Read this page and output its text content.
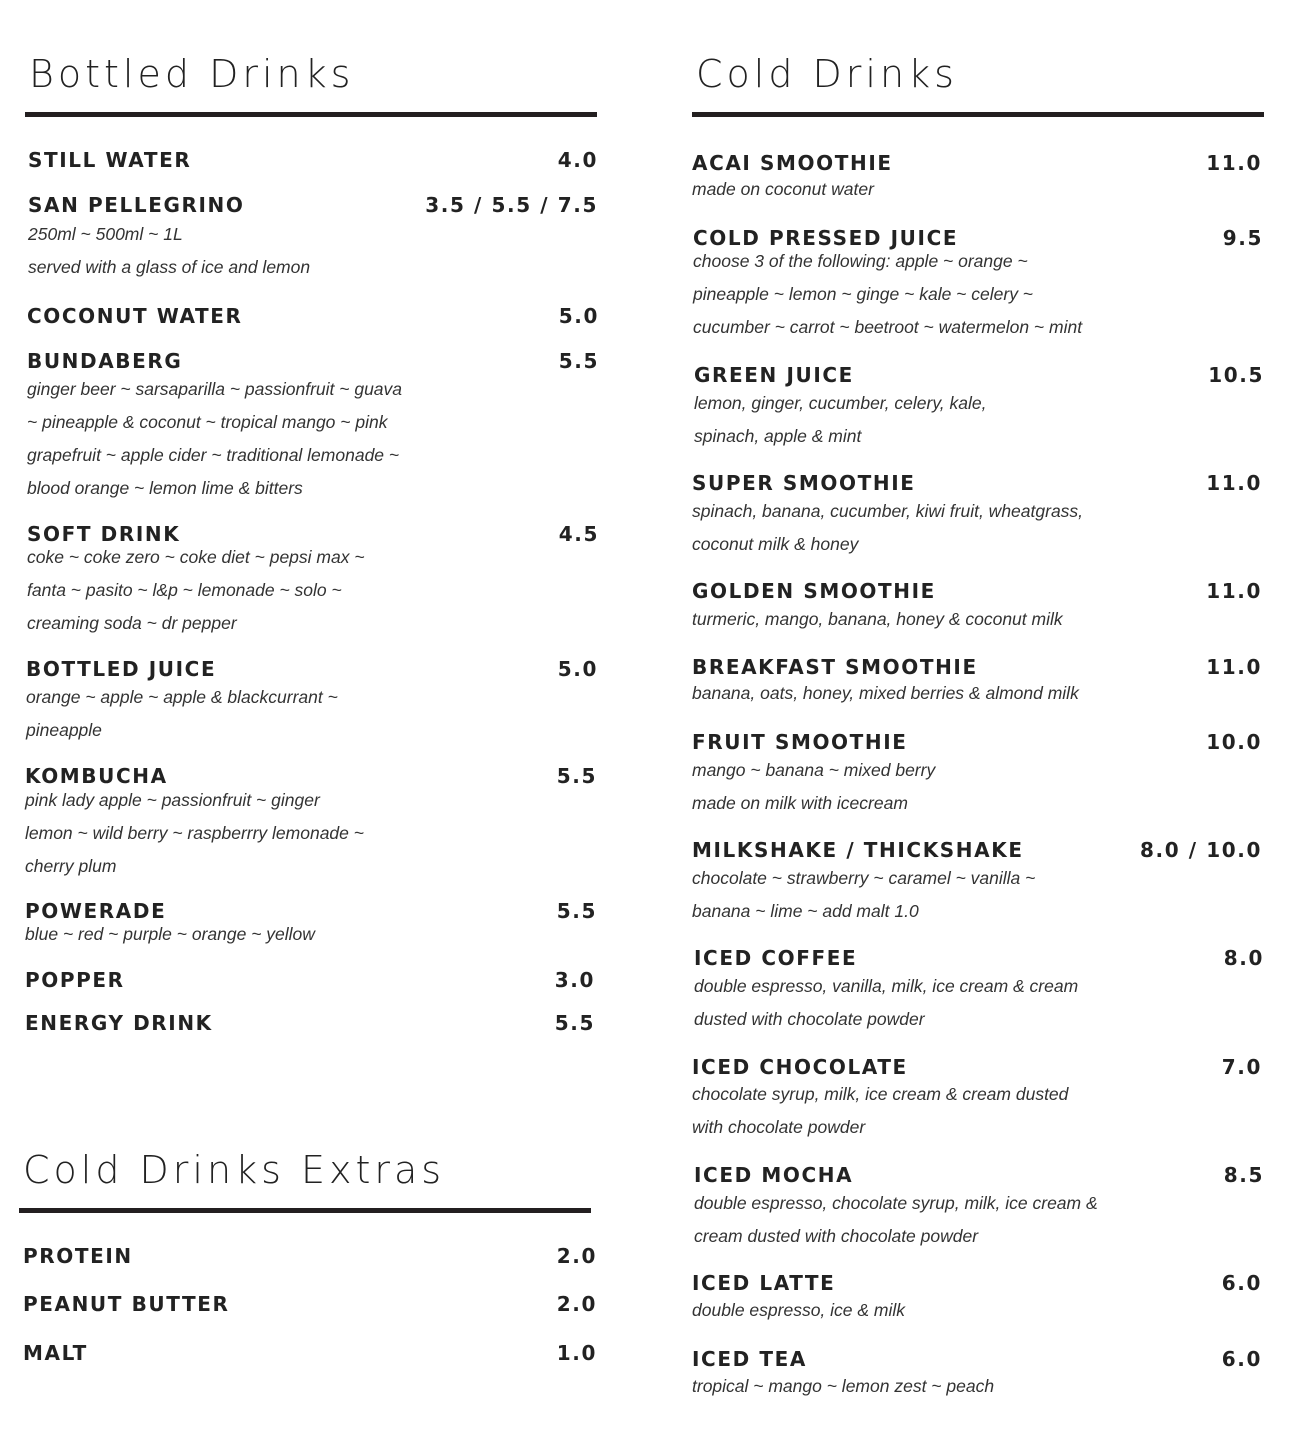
Bottled Drinks
STILL WATER	4.0
SAN PELLEGRINO	3.5 / 5.5 / 7.5
250ml ~ 500ml ~ 1L
served with a glass of ice and lemon
COCONUT WATER	5.0
BUNDABERG	5.5
ginger beer ~ sarsaparilla ~ passionfruit ~ guava
~ pineapple & coconut ~ tropical mango ~ pink
grapefruit ~ apple cider ~ traditional lemonade ~
blood orange ~ lemon lime & bitters
SOFT DRINK	4.5
coke ~ coke zero ~ coke diet ~ pepsi max ~
fanta ~ pasito ~ l&p ~ lemonade ~ solo ~
creaming soda ~ dr pepper
BOTTLED JUICE	5.0
orange ~ apple ~ apple & blackcurrant ~
pineapple
KOMBUCHA	5.5
pink lady apple ~ passionfruit ~ ginger
lemon ~ wild berry ~ raspberrry lemonade ~
cherry plum
POWERADE	5.5
blue ~ red ~ purple ~ orange ~ yellow
POPPER	3.0
ENERGY DRINK	5.5
Cold Drinks Extras
PROTEIN	2.0
PEANUT BUTTER	2.0
MALT	1.0
Cold Drinks
ACAI SMOOTHIE	11.0
made on coconut water
COLD PRESSED JUICE	9.5
choose 3 of the following: apple ~ orange ~
pineapple ~ lemon ~ ginge ~ kale ~ celery ~
cucumber ~ carrot ~ beetroot ~ watermelon ~ mint
GREEN JUICE	10.5
lemon, ginger, cucumber, celery, kale,
spinach, apple & mint
SUPER SMOOTHIE	11.0
spinach, banana, cucumber, kiwi fruit, wheatgrass,
coconut milk & honey
GOLDEN SMOOTHIE	11.0
turmeric, mango, banana, honey & coconut milk
BREAKFAST SMOOTHIE	11.0
banana, oats, honey, mixed berries & almond milk
FRUIT SMOOTHIE	10.0
mango ~ banana ~ mixed berry
made on milk with icecream
MILKSHAKE / THICKSHAKE	8.0 / 10.0
chocolate ~ strawberry ~ caramel ~ vanilla ~
banana ~ lime ~ add malt 1.0
ICED COFFEE	8.0
double espresso, vanilla, milk, ice cream & cream
dusted with chocolate powder
ICED CHOCOLATE	7.0
chocolate syrup, milk, ice cream & cream dusted
with chocolate powder
ICED MOCHA	8.5
double espresso, chocolate syrup, milk, ice cream &
cream dusted with chocolate powder
ICED LATTE	6.0
double espresso, ice & milk
ICED TEA	6.0
tropical ~ mango ~ lemon zest ~ peach
